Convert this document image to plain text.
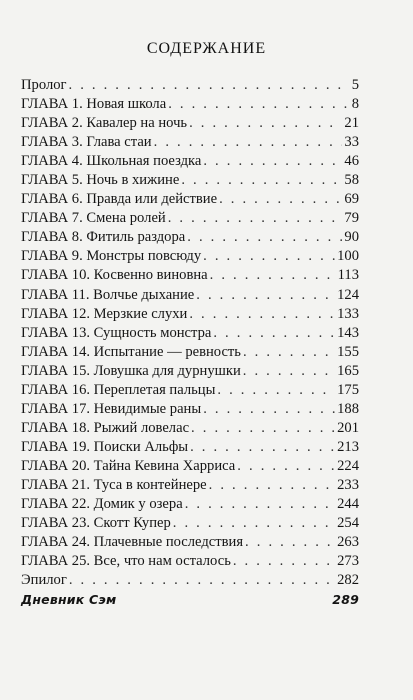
СОДЕРЖАНИЕ
Пролог . . .	5
ГЛАВА 1. Новая школа . . .	8
ГЛАВА 2. Кавалер на ночь . . .	21
ГЛАВА 3. Глава стаи . . .	33
ГЛАВА 4. Школьная поездка . . .	46
ГЛАВА 5. Ночь в хижине . . .	58
ГЛАВА 6. Правда или действие . . .	69
ГЛАВА 7. Смена ролей . . .	79
ГЛАВА 8. Фитиль раздора . . .	90
ГЛАВА 9. Монстры повсюду . . .	100
ГЛАВА 10. Косвенно виновна . . .	113
ГЛАВА 11. Волчье дыхание . . .	124
ГЛАВА 12. Мерзкие слухи . . .	133
ГЛАВА 13. Сущность монстра . . .	143
ГЛАВА 14. Испытание — ревность . . .	155
ГЛАВА 15. Ловушка для дурнушки . . .	165
ГЛАВА 16. Переплетая пальцы . . .	175
ГЛАВА 17. Невидимые раны . . .	188
ГЛАВА 18. Рыжий ловелас . . .	201
ГЛАВА 19. Поиски Альфы . . .	213
ГЛАВА 20. Тайна Кевина Харриса . . .	224
ГЛАВА 21. Туса в контейнере . . .	233
ГЛАВА 22. Домик у озера . . .	244
ГЛАВА 23. Скотт Купер . . .	254
ГЛАВА 24. Плачевные последствия . . .	263
ГЛАВА 25. Все, что нам осталось . . .	273
Эпилог . . .	282
Дневник Сэм	289
